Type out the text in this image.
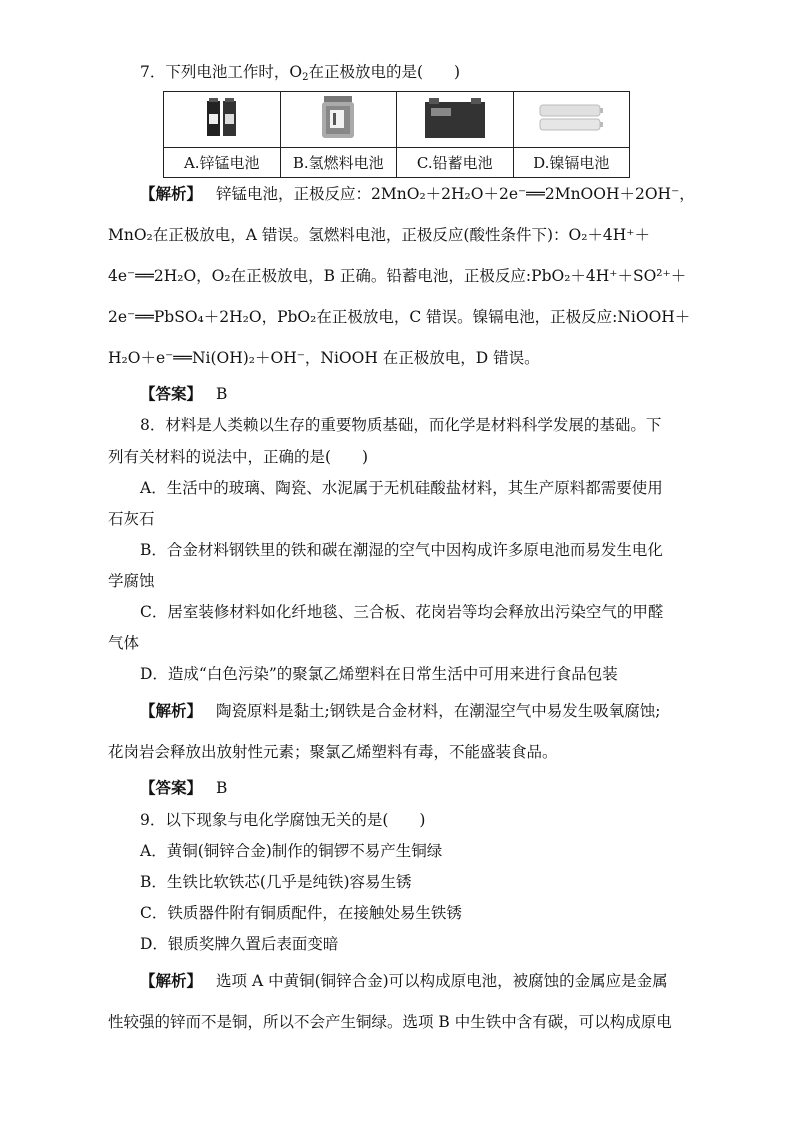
7．下列电池工作时，$O_2$在正极放电的是(　　)

A.锌锰电池	B.氢燃料电池	C.铅蓄电池	D.镍镉电池
【解析】 锌锰电池，正极反应：2MnO₂＋2H₂O＋2e⁻══2MnOOH＋2OH⁻，
MnO₂在正极放电，A 错误。氢燃料电池，正极反应(酸性条件下)：O₂＋4H⁺＋
4e⁻══2H₂O，O₂在正极放电，B 正确。铅蓄电池，正极反应:PbO₂＋4H⁺＋SO²⁺＋
2e⁻══PbSO₄＋2H₂O，PbO₂在正极放电，C 错误。镍镉电池，正极反应:NiOOH＋
H₂O＋e⁻══Ni(OH)₂＋OH⁻，NiOOH 在正极放电，D 错误。
【答案】 B
8．材料是人类赖以生存的重要物质基础，而化学是材料科学发展的基础。下
列有关材料的说法中，正确的是(　　)
A．生活中的玻璃、陶瓷、水泥属于无机硅酸盐材料，其生产原料都需要使用
石灰石
B．合金材料钢铁里的铁和碳在潮湿的空气中因构成许多原电池而易发生电化
学腐蚀
C．居室装修材料如化纤地毯、三合板、花岗岩等均会释放出污染空气的甲醛
气体
D．造成“白色污染”的聚氯乙烯塑料在日常生活中可用来进行食品包装
【解析】 陶瓷原料是黏土;钢铁是合金材料，在潮湿空气中易发生吸氧腐蚀;
花岗岩会释放出放射性元素；聚氯乙烯塑料有毒，不能盛装食品。
【答案】 B
9．以下现象与电化学腐蚀无关的是(　　)
A．黄铜(铜锌合金)制作的铜锣不易产生铜绿
B．生铁比软铁芯(几乎是纯铁)容易生锈
C．铁质器件附有铜质配件，在接触处易生铁锈
D．银质奖牌久置后表面变暗
【解析】 选项 A 中黄铜(铜锌合金)可以构成原电池，被腐蚀的金属应是金属
性较强的锌而不是铜，所以不会产生铜绿。选项 B 中生铁中含有碳，可以构成原电
